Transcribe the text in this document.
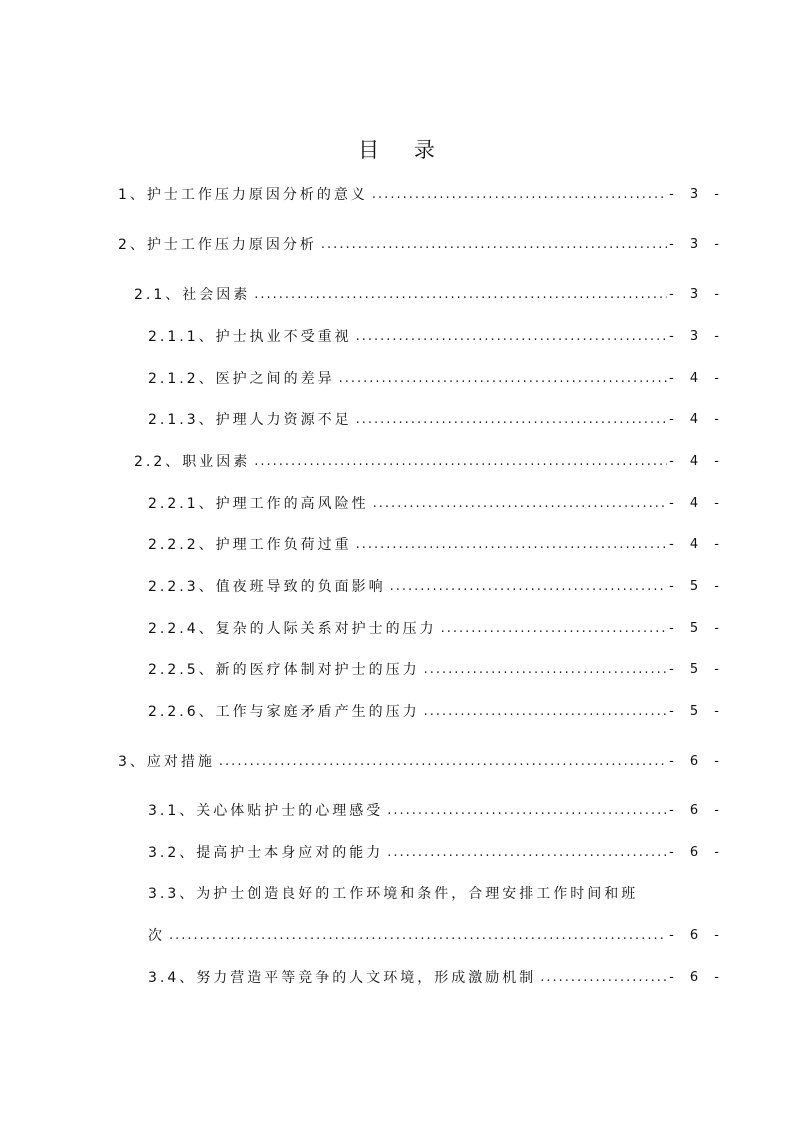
目 录
1、护士工作压力原因分析的意义 .....	- 3 -
2、护士工作压力原因分析 .....	- 3 -
2.1、社会因素 .....	- 3 -
2.1.1、护士执业不受重视 .....	- 3 -
2.1.2、医护之间的差异 .....	- 4 -
2.1.3、护理人力资源不足 .....	- 4 -
2.2、职业因素 .....	- 4 -
2.2.1、护理工作的高风险性 .....	- 4 -
2.2.2、护理工作负荷过重 .....	- 4 -
2.2.3、值夜班导致的负面影响 .....	- 5 -
2.2.4、复杂的人际关系对护士的压力 .....	- 5 -
2.2.5、新的医疗体制对护士的压力 .....	- 5 -
2.2.6、工作与家庭矛盾产生的压力 .....	- 5 -
3、应对措施 .....	- 6 -
3.1、关心体贴护士的心理感受 .....	- 6 -
3.2、提高护士本身应对的能力 .....	- 6 -
3.3、为护士创造良好的工作环境和条件，合理安排工作时间和班
次 .....	- 6 -
3.4、努力营造平等竞争的人文环境，形成激励机制 .....	- 6 -
